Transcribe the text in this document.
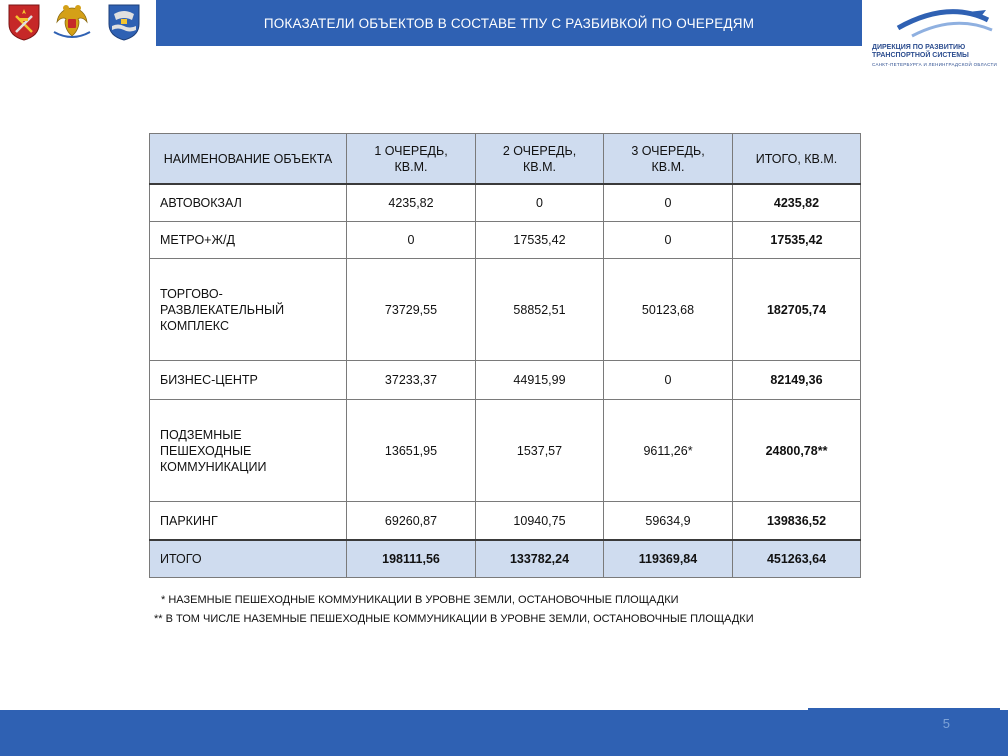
ПОКАЗАТЕЛИ ОБЪЕКТОВ В СОСТАВЕ ТПУ С РАЗБИВКОЙ ПО ОЧЕРЕДЯМ
ДИРЕКЦИЯ ПО РАЗВИТИЮ ТРАНСПОРТНОЙ СИСТЕМЫ
САНКТ-ПЕТЕРБУРГА И ЛЕНИНГРАДСКОЙ ОБЛАСТИ
НАИМЕНОВАНИЕ ОБЪЕКТА	1 ОЧЕРЕДЬ, КВ.М.	2 ОЧЕРЕДЬ, КВ.М.	3 ОЧЕРЕДЬ, КВ.М.	ИТОГО, КВ.М.
АВТОВОКЗАЛ	4235,82	0	0	4235,82
МЕТРО+Ж/Д	0	17535,42	0	17535,42
ТОРГОВО-РАЗВЛЕКАТЕЛЬНЫЙ КОМПЛЕКС	73729,55	58852,51	50123,68	182705,74
БИЗНЕС-ЦЕНТР	37233,37	44915,99	0	82149,36
ПОДЗЕМНЫЕ ПЕШЕХОДНЫЕ КОММУНИКАЦИИ	13651,95	1537,57	9611,26*	24800,78**
ПАРКИНГ	69260,87	10940,75	59634,9	139836,52
ИТОГО	198111,56	133782,24	119369,84	451263,64
* НАЗЕМНЫЕ ПЕШЕХОДНЫЕ КОММУНИКАЦИИ В УРОВНЕ ЗЕМЛИ, ОСТАНОВОЧНЫЕ ПЛОЩАДКИ
** В ТОМ ЧИСЛЕ НАЗЕМНЫЕ ПЕШЕХОДНЫЕ КОММУНИКАЦИИ В УРОВНЕ ЗЕМЛИ, ОСТАНОВОЧНЫЕ ПЛОЩАДКИ
5
